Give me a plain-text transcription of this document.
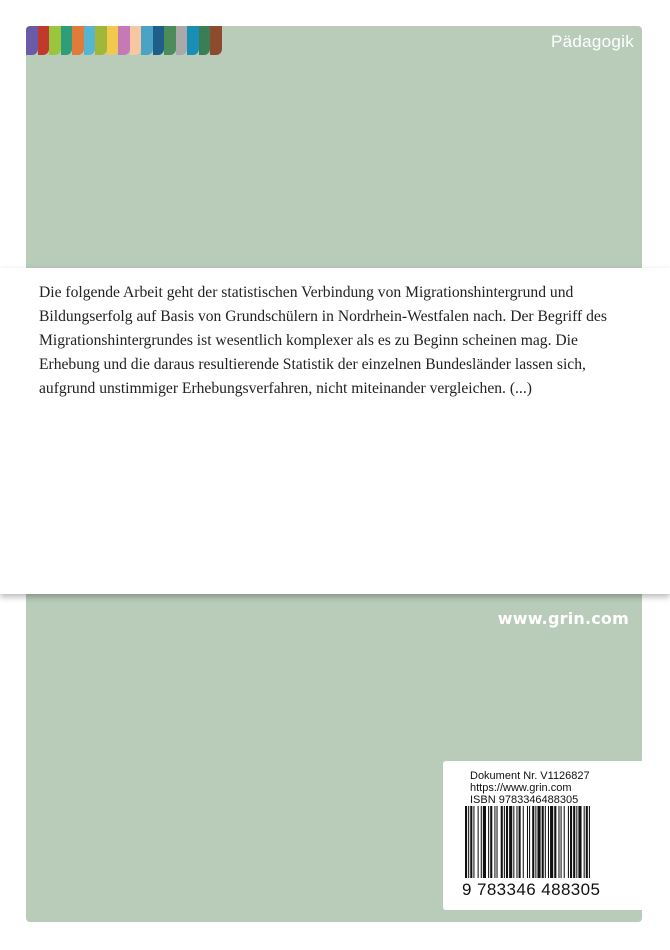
Pädagogik

Die folgende Arbeit geht der statistischen Verbindung von Migrationshintergrund und Bildungserfolg auf Basis von Grundschülern in Nordrhein-Westfalen nach. Der Begriff des Migrationshintergrundes ist wesentlich komplexer als es zu Beginn scheinen mag. Die Erhebung und die daraus resultierende Statistik der einzelnen Bundesländer lassen sich, aufgrund unstimmiger Erhebungsverfahren, nicht miteinander vergleichen. (...)

www.grin.com
Dokument Nr. V1126827
https://www.grin.com
ISBN 9783346488305
9 783346 488305
